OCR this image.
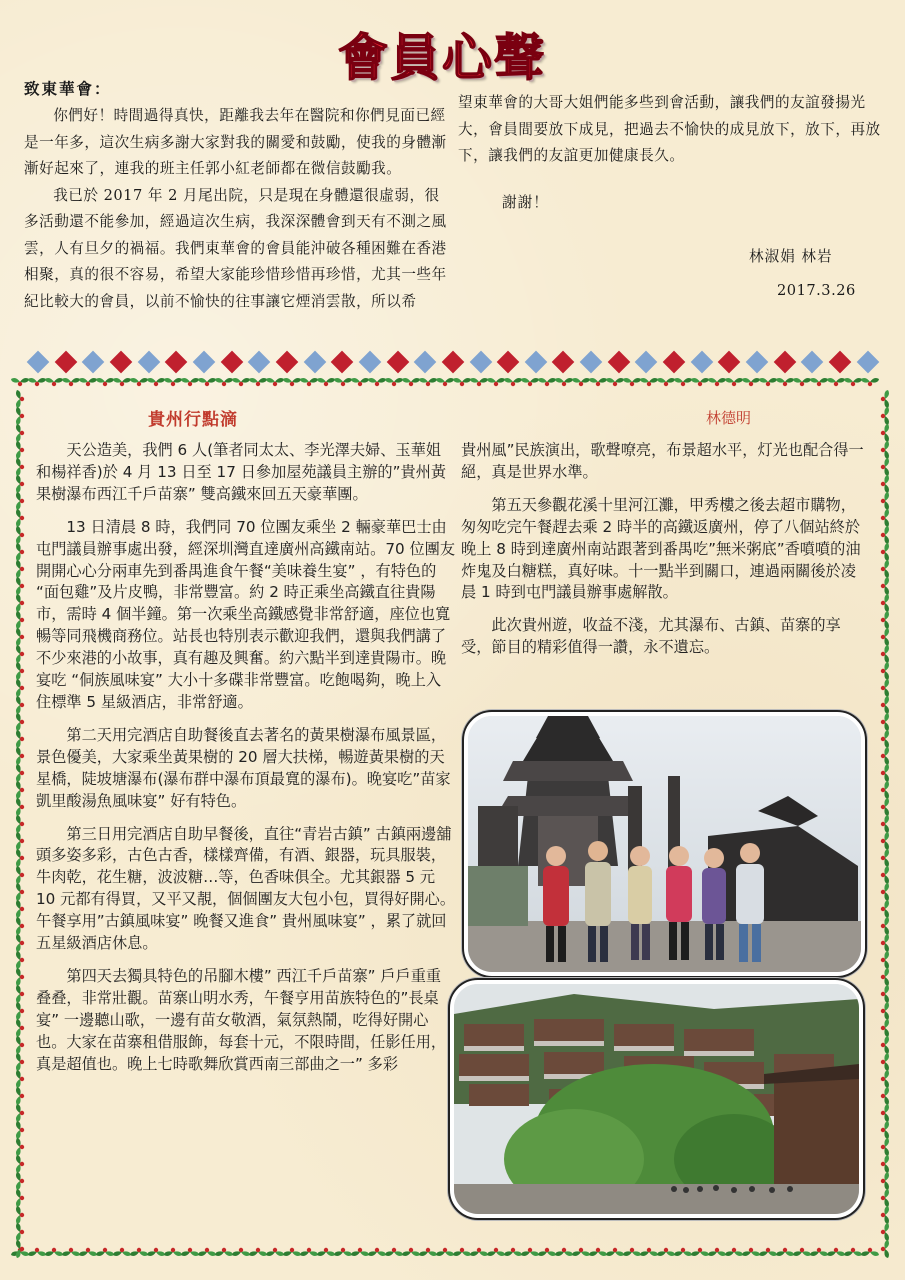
會員心聲
致東華會：

你們好！時間過得真快，距離我去年在醫院和你們見面已經是一年多，這次生病多謝大家對我的關愛和鼓勵，使我的身體漸漸好起來了，連我的班主任郭小紅老師都在微信鼓勵我。

我已於 2017 年 2 月尾出院，只是現在身體還很虛弱，很多活動還不能參加，經過這次生病，我深深體會到天有不測之風雲，人有旦夕的禍福。我們東華會的會員能沖破各種困難在香港相聚，真的很不容易，希望大家能珍惜珍惜再珍惜，尤其一些年紀比較大的會員，以前不愉快的往事讓它煙消雲散，所以希

望東華會的大哥大姐們能多些到會活動，讓我們的友誼發揚光大，會員間要放下成見，把過去不愉快的成見放下，放下，再放下，讓我們的友誼更加健康長久。

謝謝！
林淑娟 林岩
2017.3.26
貴州行點滴	林德明

天公造美，我們 6 人(筆者同太太、李光澤夫婦、玉華姐和楊祥香)於 4 月 13 日至 17 日參加屋苑議員主辦的”貴州黃果樹瀑布西江千戶苗寨” 雙高鐵來回五天豪華團。

13 日清晨 8 時，我們同 70 位團友乘坐 2 輛豪華巴士由屯門議員辦事處出發，經深圳灣直達廣州高鐵南站。70 位團友開開心心分兩車先到番禺進食午餐“美味養生宴” ，有特色的 “面包雞”及片皮鴨，非常豐富。約 2 時正乘坐高鐵直往貴陽市，需時 4 個半鐘。第一次乘坐高鐵感覺非常舒適，座位也寬暢等同飛機商務位。站長也特別表示歡迎我們，還與我們講了不少來港的小故事，真有趣及興奮。約六點半到達貴陽市。晚宴吃 “侗族風味宴” 大小十多碟非常豐富。吃飽喝夠，晚上入住標準 5 星級酒店，非常舒適。

第二天用完酒店自助餐後直去著名的黃果樹瀑布風景區，景色優美，大家乘坐黃果樹的 20 層大扶梯，暢遊黃果樹的天星橋，陡坡塘瀑布(瀑布群中瀑布頂最寬的瀑布)。晚宴吃”苗家凱里酸湯魚風味宴” 好有特色。

第三日用完酒店自助早餐後，直往“青岩古鎮” 古鎮兩邊舖頭多姿多彩，古色古香，樣樣齊備，有酒、銀器，玩具服裝，牛肉乾，花生糖，波波糖…等，色香味俱全。尤其銀器 5 元 10 元都有得買，又平又靚，個個團友大包小包，買得好開心。午餐享用”古鎮風味宴” 晚餐又進食” 貴州風味宴” ，累了就回五星級酒店休息。

第四天去獨具特色的吊腳木樓” 西江千戶苗寨” 戶戶重重叠叠，非常壯觀。苗寨山明水秀，午餐亨用苗族特色的”長桌宴” 一邊聽山歌，一邊有苗女敬酒，氣氛熱鬧，吃得好開心也。大家在苗寨租借服飾，每套十元，不限時間，任影任用，真是超值也。晚上七時歌舞欣賞西南三部曲之一” 多彩

貴州風”民族演出，歌聲嘹亮，布景超水平，灯光也配合得一絕，真是世界水準。

第五天參觀花溪十里河江灘，甲秀樓之後去超市購物，匆匆吃完午餐趕去乘 2 時半的高鐵返廣州，停了八個站終於晚上 8 時到達廣州南站跟著到番禺吃”無米粥底”香噴噴的油炸鬼及白糖糕，真好味。十一點半到關口，連過兩關後於凌晨 1 時到屯門議員辦事處解散。

此次貴州遊，收益不淺，尤其瀑布、古鎮、苗寨的享受，節目的精彩值得一讚，永不遺忘。
